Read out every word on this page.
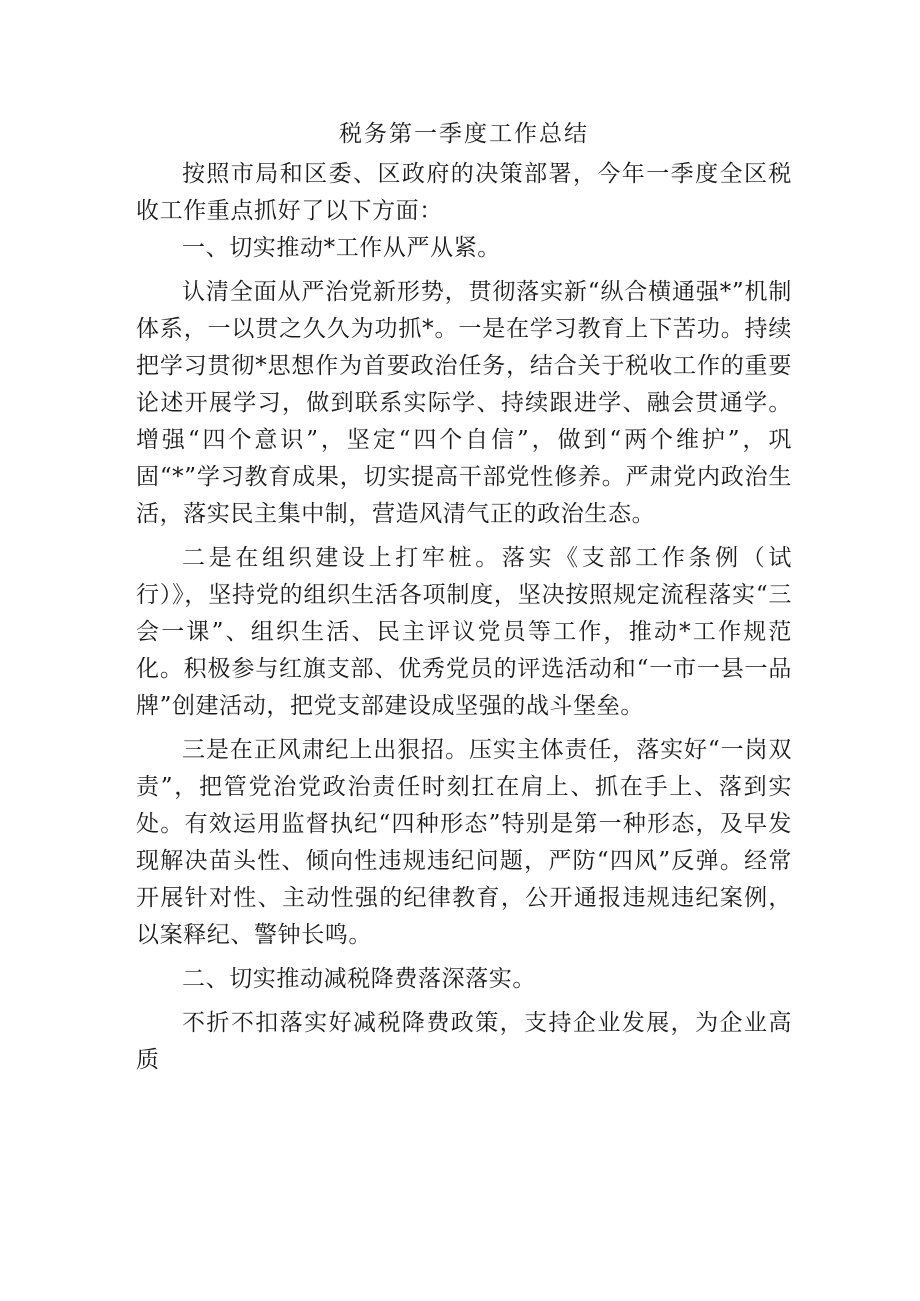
税务第一季度工作总结

按照市局和区委、区政府的决策部署，今年一季度全区税收工作重点抓好了以下方面：

一、切实推动*工作从严从紧。

认清全面从严治党新形势，贯彻落实新“纵合横通强*”机制体系，一以贯之久久为功抓*。一是在学习教育上下苦功。持续把学习贯彻*思想作为首要政治任务，结合关于税收工作的重要论述开展学习，做到联系实际学、持续跟进学、融会贯通学。增强“四个意识”，坚定“四个自信”，做到“两个维护”，巩固“*”学习教育成果，切实提高干部党性修养。严肃党内政治生活，落实民主集中制，营造风清气正的政治生态。

二是在组织建设上打牢桩。落实《支部工作条例（试行）》，坚持党的组织生活各项制度，坚决按照规定流程落实“三会一课”、组织生活、民主评议党员等工作，推动*工作规范化。积极参与红旗支部、优秀党员的评选活动和“一市一县一品牌”创建活动，把党支部建设成坚强的战斗堡垒。

三是在正风肃纪上出狠招。压实主体责任，落实好“一岗双责”，把管党治党政治责任时刻扛在肩上、抓在手上、落到实处。有效运用监督执纪“四种形态”特别是第一种形态，及早发现解决苗头性、倾向性违规违纪问题，严防“四风”反弹。经常开展针对性、主动性强的纪律教育，公开通报违规违纪案例，以案释纪、警钟长鸣。

二、切实推动减税降费落深落实。

不折不扣落实好减税降费政策，支持企业发展，为企业高质
